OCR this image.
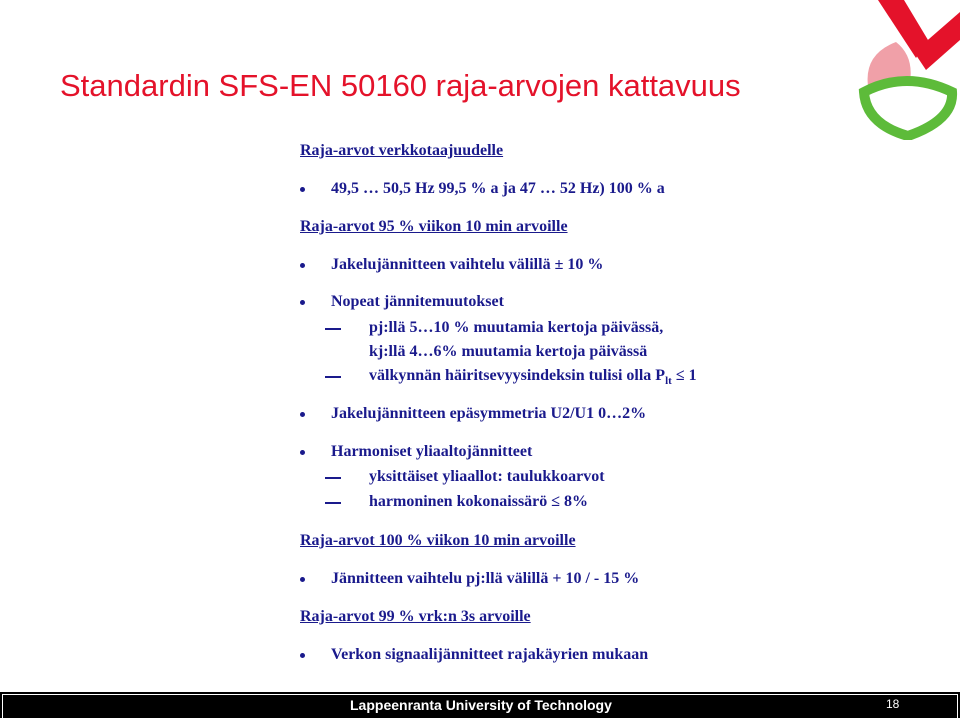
Standardin SFS-EN 50160 raja-arvojen kattavuus
Raja-arvot verkkotaajuudelle
49,5 … 50,5 Hz 99,5 % a ja 47 … 52 Hz) 100 % a
Raja-arvot 95 % viikon 10 min arvoille
Jakelujännitteen vaihtelu välillä ± 10 %
Nopeat jännitemuutokset
pj:llä 5…10 % muutamia kertoja päivässä,
kj:llä 4…6% muutamia kertoja päivässä
välkynnän häiritsevyysindeksin tulisi olla $P_{lt} \le 1$
Jakelujännitteen epäsymmetria U2/U1 0…2%
Harmoniset yliaaltojännitteet
yksittäiset yliaallot: taulukkoarvot
harmoninen kokonaissärö ≤ 8%
Raja-arvot 100 % viikon 10 min arvoille
Jännitteen vaihtelu pj:llä välillä + 10 / - 15 %
Raja-arvot 99 % vrk:n 3s arvoille
Verkon signaalijännitteet rajakäyrien mukaan
Lappeenranta University of Technology	18
